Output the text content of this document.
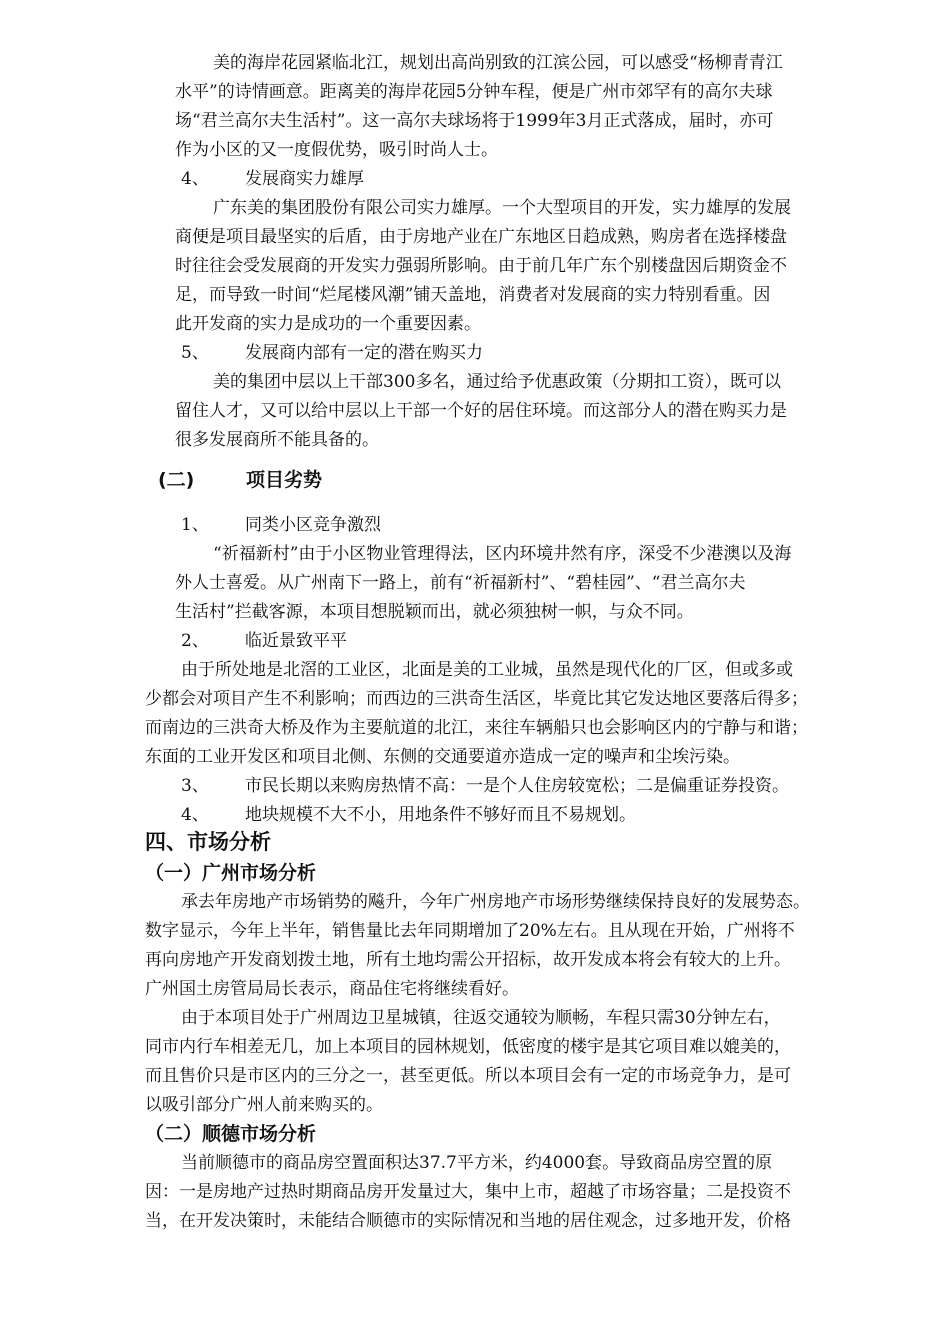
美的海岸花园紧临北江，规划出高尚别致的江滨公园，可以感受“杨柳青青江
水平”的诗情画意。距离美的海岸花园5分钟车程，便是广州市郊罕有的高尔夫球
场“君兰高尔夫生活村”。这一高尔夫球场将于1999年3月正式落成，届时，亦可
作为小区的又一度假优势，吸引时尚人士。
4、 发展商实力雄厚
广东美的集团股份有限公司实力雄厚。一个大型项目的开发，实力雄厚的发展
商便是项目最坚实的后盾，由于房地产业在广东地区日趋成熟，购房者在选择楼盘
时往往会受发展商的开发实力强弱所影响。由于前几年广东个别楼盘因后期资金不
足，而导致一时间“烂尾楼风潮”铺天盖地，消费者对发展商的实力特别看重。因
此开发商的实力是成功的一个重要因素。
5、 发展商内部有一定的潜在购买力
美的集团中层以上干部300多名，通过给予优惠政策（分期扣工资），既可以
留住人才，又可以给中层以上干部一个好的居住环境。而这部分人的潜在购买力是
很多发展商所不能具备的。
(二)	项目劣势
1、 同类小区竞争激烈
“祈福新村”由于小区物业管理得法，区内环境井然有序，深受不少港澳以及海
外人士喜爱。从广州南下一路上，前有“祈福新村”、“碧桂园”、“君兰高尔夫
生活村”拦截客源，本项目想脱颖而出，就必须独树一帜，与众不同。
2、 临近景致平平
由于所处地是北滘的工业区，北面是美的工业城，虽然是现代化的厂区，但或多或
少都会对项目产生不利影响；而西边的三洪奇生活区，毕竟比其它发达地区要落后得多；
而南边的三洪奇大桥及作为主要航道的北江，来往车辆船只也会影响区内的宁静与和谐；
东面的工业开发区和项目北侧、东侧的交通要道亦造成一定的噪声和尘埃污染。
3、 市民长期以来购房热情不高：一是个人住房较宽松；二是偏重证券投资。
4、 地块规模不大不小，用地条件不够好而且不易规划。
四、市场分析
（一）广州市场分析
承去年房地产市场销势的飚升，今年广州房地产市场形势继续保持良好的发展势态。
数字显示，今年上半年，销售量比去年同期增加了20%左右。且从现在开始，广州将不
再向房地产开发商划拨土地，所有土地均需公开招标，故开发成本将会有较大的上升。
广州国土房管局局长表示，商品住宅将继续看好。
由于本项目处于广州周边卫星城镇，往返交通较为顺畅，车程只需30分钟左右，
同市内行车相差无几，加上本项目的园林规划，低密度的楼宇是其它项目难以媲美的，
而且售价只是市区内的三分之一，甚至更低。所以本项目会有一定的市场竞争力，是可
以吸引部分广州人前来购买的。
（二）顺德市场分析
当前顺德市的商品房空置面积达37.7平方米，约4000套。导致商品房空置的原
因：一是房地产过热时期商品房开发量过大，集中上市，超越了市场容量；二是投资不
当，在开发决策时，未能结合顺德市的实际情况和当地的居住观念，过多地开发，价格
